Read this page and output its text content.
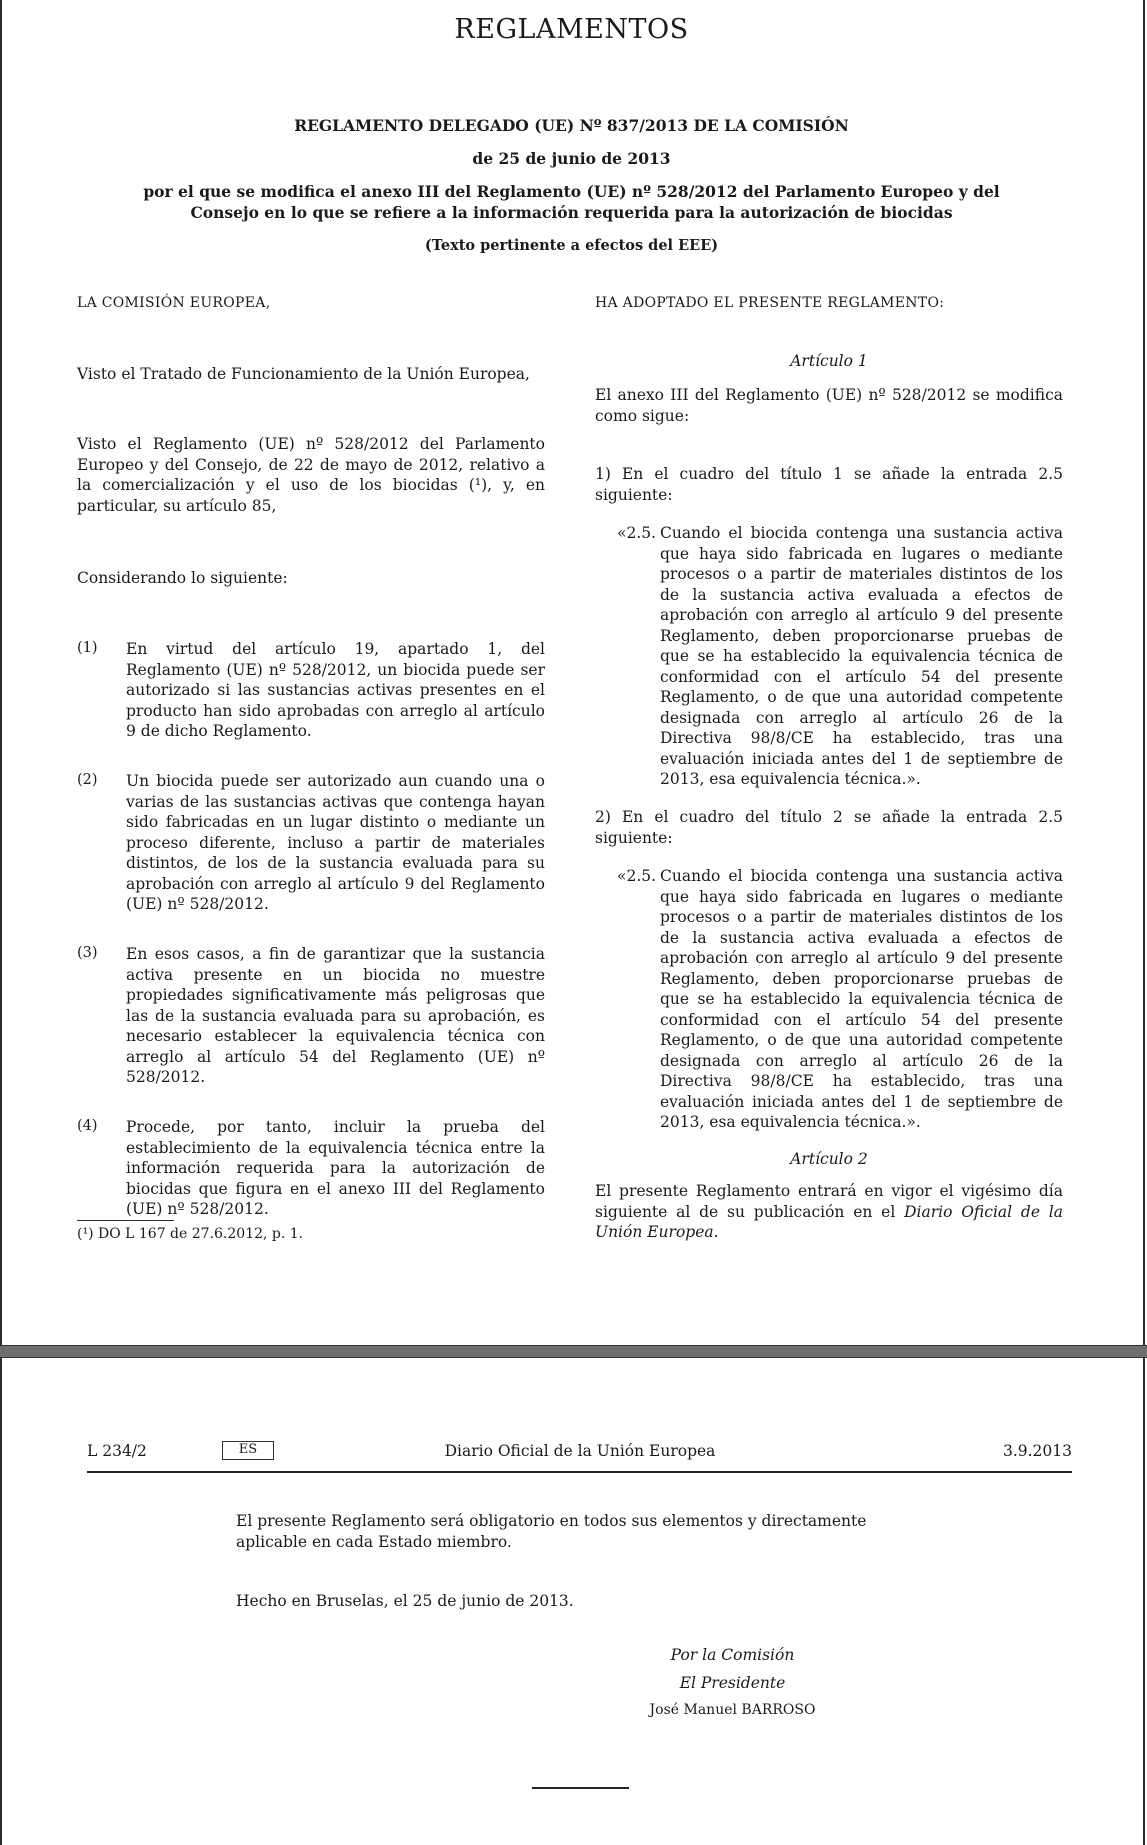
REGLAMENTOS
REGLAMENTO DELEGADO (UE) Nº 837/2013 DE LA COMISIÓN
de 25 de junio de 2013
por el que se modifica el anexo III del Reglamento (UE) nº 528/2012 del Parlamento Europeo y del
Consejo en lo que se refiere a la información requerida para la autorización de biocidas
(Texto pertinente a efectos del EEE)
LA COMISIÓN EUROPEA,
Visto el Tratado de Funcionamiento de la Unión Europea,
Visto el Reglamento (UE) nº 528/2012 del Parlamento Europeo y del Consejo, de 22 de mayo de 2012, relativo a la comercialización y el uso de los biocidas (¹), y, en particular, su artículo 85,
Considerando lo siguiente:
(1) En virtud del artículo 19, apartado 1, del Reglamento (UE) nº 528/2012, un biocida puede ser autorizado si las sustancias activas presentes en el producto han sido aprobadas con arreglo al artículo 9 de dicho Reglamento.
(2) Un biocida puede ser autorizado aun cuando una o varias de las sustancias activas que contenga hayan sido fabricadas en un lugar distinto o mediante un proceso diferente, incluso a partir de materiales distintos, de los de la sustancia evaluada para su aprobación con arreglo al artículo 9 del Reglamento (UE) nº 528/2012.
(3) En esos casos, a fin de garantizar que la sustancia activa presente en un biocida no muestre propiedades significativamente más peligrosas que las de la sustancia evaluada para su aprobación, es necesario establecer la equivalencia técnica con arreglo al artículo 54 del Reglamento (UE) nº 528/2012.
(4) Procede, por tanto, incluir la prueba del establecimiento de la equivalencia técnica entre la información requerida para la autorización de biocidas que figura en el anexo III del Reglamento (UE) nº 528/2012.
(¹) DO L 167 de 27.6.2012, p. 1.
HA ADOPTADO EL PRESENTE REGLAMENTO:
Artículo 1
El anexo III del Reglamento (UE) nº 528/2012 se modifica como sigue:
1) En el cuadro del título 1 se añade la entrada 2.5 siguiente:
«2.5. Cuando el biocida contenga una sustancia activa que haya sido fabricada en lugares o mediante procesos o a partir de materiales distintos de los de la sustancia activa evaluada a efectos de aprobación con arreglo al artículo 9 del presente Reglamento, deben proporcionarse pruebas de que se ha establecido la equivalencia técnica de conformidad con el artículo 54 del presente Reglamento, o de que una autoridad competente designada con arreglo al artículo 26 de la Directiva 98/8/CE ha establecido, tras una evaluación iniciada antes del 1 de septiembre de 2013, esa equivalencia técnica.».
2) En el cuadro del título 2 se añade la entrada 2.5 siguiente:
«2.5. Cuando el biocida contenga una sustancia activa que haya sido fabricada en lugares o mediante procesos o a partir de materiales distintos de los de la sustancia activa evaluada a efectos de aprobación con arreglo al artículo 9 del presente Reglamento, deben proporcionarse pruebas de que se ha establecido la equivalencia técnica de conformidad con el artículo 54 del presente Reglamento, o de que una autoridad competente designada con arreglo al artículo 26 de la Directiva 98/8/CE ha establecido, tras una evaluación iniciada antes del 1 de septiembre de 2013, esa equivalencia técnica.».
Artículo 2
El presente Reglamento entrará en vigor el vigésimo día siguiente al de su publicación en el Diario Oficial de la Unión Europea.
L 234/2	ES	Diario Oficial de la Unión Europea	3.9.2013
El presente Reglamento será obligatorio en todos sus elementos y directamente aplicable en cada Estado miembro.
Hecho en Bruselas, el 25 de junio de 2013.
Por la Comisión
El Presidente
José Manuel BARROSO
